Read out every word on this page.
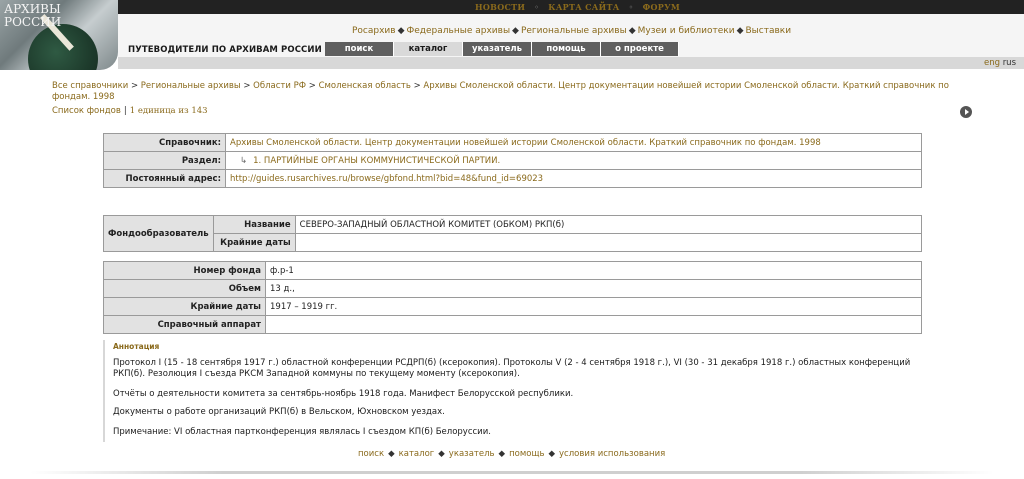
НОВОСТИ ◦ КАРТА САЙТА ◦ ФОРУМ
АРХИВЫ
РОССИИ
Росархив ◆ Федеральные архивы ◆ Региональные архивы ◆ Музеи и библиотеки ◆ Выставки
ПУТЕВОДИТЕЛИ ПО АРХИВАМ РОССИИ	поиск	каталог	указатель	помощь	о проекте
eng rus
Все справочники > Региональные архивы > Области РФ > Смоленская область > Архивы Смоленской области. Центр документации новейшей истории Смоленской области. Краткий справочник по фондам. 1998
Список фондов | 1 единица из 143
Справочник:	Архивы Смоленской области. Центр документации новейшей истории Смоленской области. Краткий справочник по фондам. 1998
Раздел:	↳ 1. ПАРТИЙНЫЕ ОРГАНЫ КОММУНИСТИЧЕСКОЙ ПАРТИИ.
Постоянный адрес:	http://guides.rusarchives.ru/browse/gbfond.html?bid=48&fund_id=69023
Фондообразователь	Название	СЕВЕРО-ЗАПАДНЫЙ ОБЛАСТНОЙ КОМИТЕТ (ОБКОМ) РКП(б)
	Крайние даты	
Номер фонда	ф.р-1
Объем	13 д.,
Крайние даты	1917 – 1919 гг.
Справочный аппарат	
Аннотация

Протокол I (15 - 18 сентября 1917 г.) областной конференции РСДРП(б) (ксерокопия). Протоколы V (2 - 4 сентября 1918 г.), VI (30 - 31 декабря 1918 г.) областных конференций РКП(б). Резолюция I съезда РКСМ Западной коммуны по текущему моменту (ксерокопия).

Отчёты о деятельности комитета за сентябрь-ноябрь 1918 года. Манифест Белорусской республики.

Документы о работе организаций РКП(б) в Вельском, Юхновском уездах.

Примечание: VI областная партконференция являлась I съездом КП(б) Белоруссии.

поиск ◆ каталог ◆ указатель ◆ помощь ◆ условия использования
